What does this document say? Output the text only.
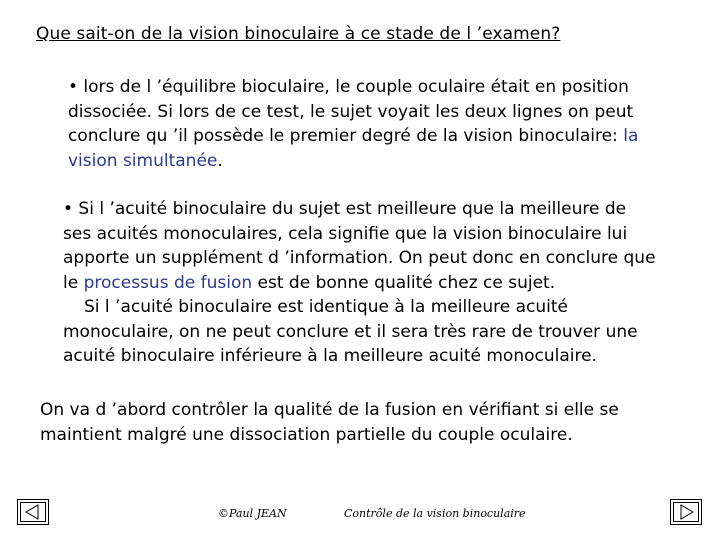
Que sait-on de la vision binoculaire à ce stade de l ’examen?
• lors de l ’équilibre bioculaire, le couple oculaire était en position
dissociée. Si lors de ce test, le sujet voyait les deux lignes on peut
conclure qu ’il possède le premier degré de la vision binoculaire: la
vision simultanée.
• Si l ’acuité binoculaire du sujet est meilleure que la meilleure de
ses acuités monoculaires, cela signifie que la vision binoculaire lui
apporte un supplément d ’information. On peut donc en conclure que
le processus de fusion est de bonne qualité chez ce sujet.
Si l ’acuité binoculaire est identique à la meilleure acuité
monoculaire, on ne peut conclure et il sera très rare de trouver une
acuité binoculaire inférieure à la meilleure acuité monoculaire.
On va d ’abord contrôler la qualité de la fusion en vérifiant si elle se
maintient malgré une dissociation partielle du couple oculaire.
©Paul JEAN	Contrôle de la vision binoculaire
